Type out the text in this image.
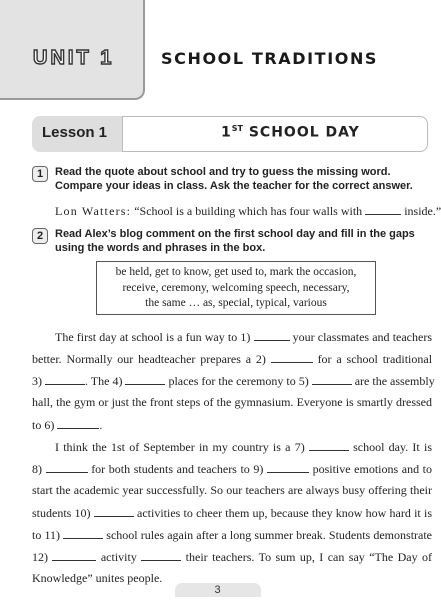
UNIT 1	SCHOOL TRADITIONS
Lesson 1	1ST SCHOOL DAY
1	Read the quote about school and try to guess the missing word. Compare your ideas in class. Ask the teacher for the correct answer.
Lon Watters: “School is a building which has four walls with	inside.”
2	Read Alex’s blog comment on the first school day and fill in the gaps using the words and phrases in the box.
be held, get to know, get used to, mark the occasion,
receive, ceremony, welcoming speech, necessary,
the same … as, special, typical, various
The first day at school is a fun way to 1)	your classmates and teachers
better. Normally our headteacher prepares a 2)	for a school traditional
3)	. The 4)	places for the ceremony to 5)	are the assembly
hall, the gym or just the front steps of the gymnasium. Everyone is smartly dressed
to 6)	.
I think the 1st of September in my country is a 7)	school day. It is
8)	for both students and teachers to 9)	positive emotions and to
start the academic year successfully. So our teachers are always busy offering their
students 10)	activities to cheer them up, because they know how hard it is
to 11)	school rules again after a long summer break. Students demonstrate
3
12)	activity	their teachers. To sum up, I can say “The Day of
Knowledge” unites people.
